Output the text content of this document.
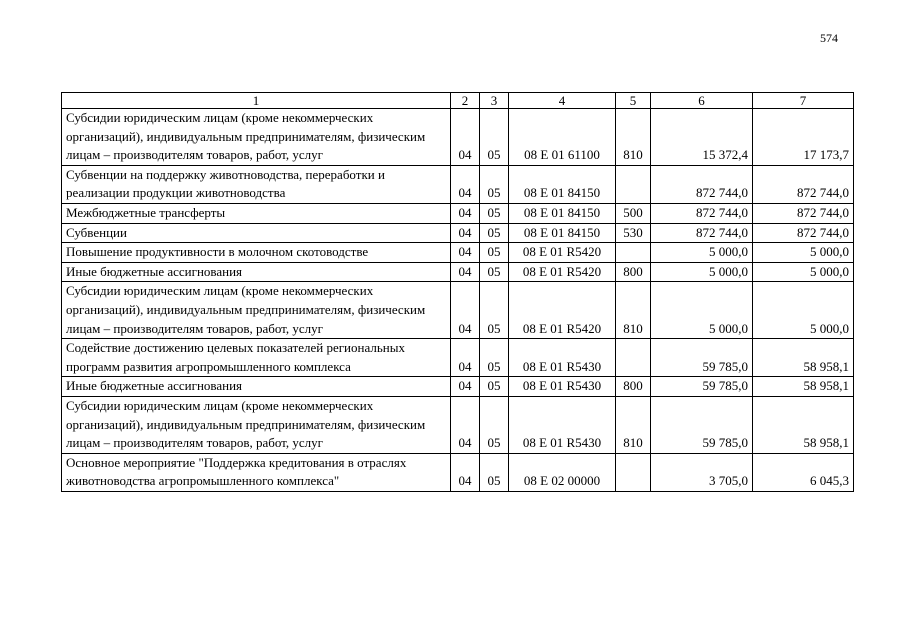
574
1	2	3	4	5	6	7
Субсидии юридическим лицам (кроме некоммерческих организаций), индивидуальным предпринимателям, физическим лицам – производителям товаров, работ, услуг	04	05	08 E 01 61100	810	15 372,4	17 173,7
Субвенции на поддержку животноводства, переработки и реализации продукции животноводства	04	05	08 E 01 84150		872 744,0	872 744,0
Межбюджетные трансферты	04	05	08 E 01 84150	500	872 744,0	872 744,0
Субвенции	04	05	08 E 01 84150	530	872 744,0	872 744,0
Повышение продуктивности в молочном скотоводстве	04	05	08 E 01 R5420		5 000,0	5 000,0
Иные бюджетные ассигнования	04	05	08 E 01 R5420	800	5 000,0	5 000,0
Субсидии юридическим лицам (кроме некоммерческих организаций), индивидуальным предпринимателям, физическим лицам – производителям товаров, работ, услуг	04	05	08 E 01 R5420	810	5 000,0	5 000,0
Содействие достижению целевых показателей региональных программ развития агропромышленного комплекса	04	05	08 E 01 R5430		59 785,0	58 958,1
Иные бюджетные ассигнования	04	05	08 E 01 R5430	800	59 785,0	58 958,1
Субсидии юридическим лицам (кроме некоммерческих организаций), индивидуальным предпринимателям, физическим лицам – производителям товаров, работ, услуг	04	05	08 E 01 R5430	810	59 785,0	58 958,1
Основное мероприятие "Поддержка кредитования в отраслях животноводства агропромышленного комплекса"	04	05	08 E 02 00000		3 705,0	6 045,3
